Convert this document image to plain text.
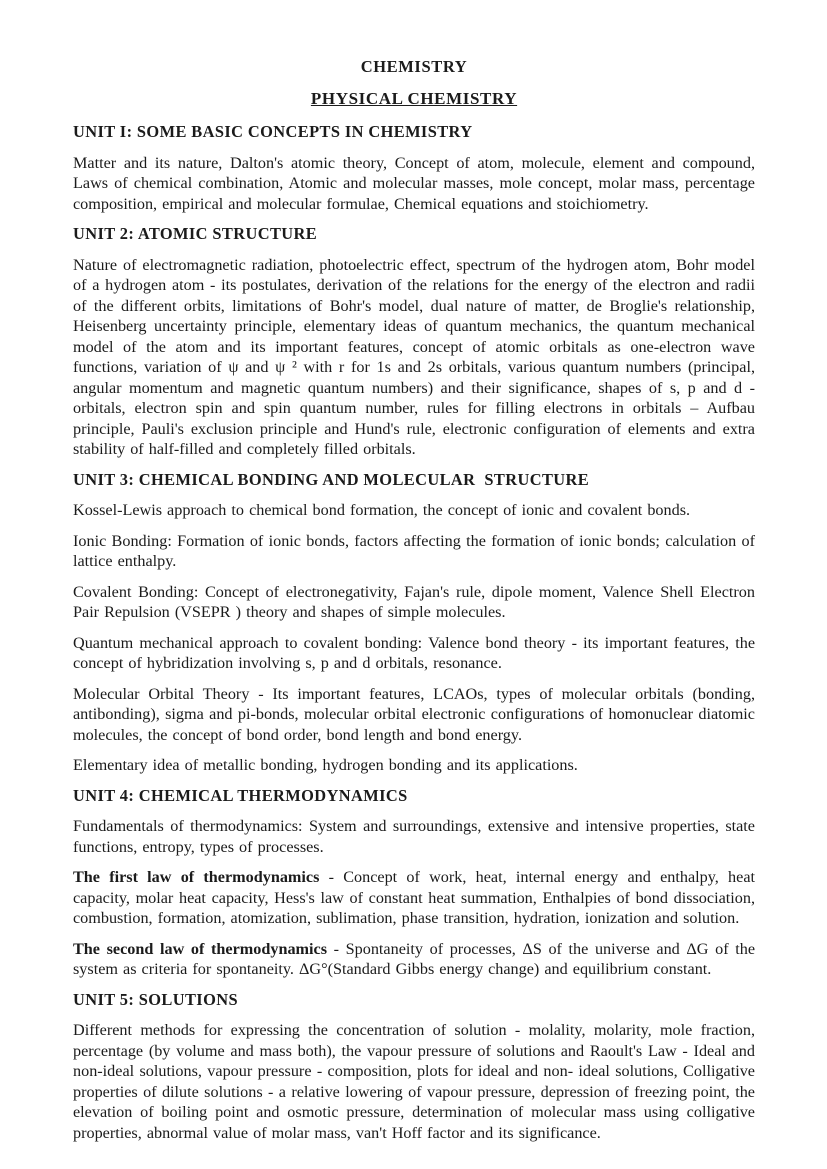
CHEMISTRY

PHYSICAL CHEMISTRY

UNIT I: SOME BASIC CONCEPTS IN CHEMISTRY

Matter and its nature, Dalton's atomic theory, Concept of atom, molecule, element and compound, Laws of chemical combination, Atomic and molecular masses, mole concept, molar mass, percentage composition, empirical and molecular formulae, Chemical equations and stoichiometry.

UNIT 2: ATOMIC STRUCTURE

Nature of electromagnetic radiation, photoelectric effect, spectrum of the hydrogen atom, Bohr model of a hydrogen atom - its postulates, derivation of the relations for the energy of the electron and radii of the different orbits, limitations of Bohr's model, dual nature of matter, de Broglie's relationship, Heisenberg uncertainty principle, elementary ideas of quantum mechanics, the quantum mechanical model of the atom and its important features, concept of atomic orbitals as one-electron wave functions, variation of ψ and ψ ² with r for 1s and 2s orbitals, various quantum numbers (principal, angular momentum and magnetic quantum numbers) and their significance, shapes of s, p and d - orbitals, electron spin and spin quantum number, rules for filling electrons in orbitals – Aufbau principle, Pauli's exclusion principle and Hund's rule, electronic configuration of elements and extra stability of half-filled and completely filled orbitals.

UNIT 3: CHEMICAL BONDING AND MOLECULAR  STRUCTURE

Kossel-Lewis approach to chemical bond formation, the concept of ionic and covalent bonds.

Ionic Bonding: Formation of ionic bonds, factors affecting the formation of ionic bonds; calculation of lattice enthalpy.

Covalent Bonding: Concept of electronegativity, Fajan's rule, dipole moment, Valence Shell Electron Pair Repulsion (VSEPR ) theory and shapes of simple molecules.

Quantum mechanical approach to covalent bonding: Valence bond theory - its important features, the concept of hybridization involving s, p and d orbitals, resonance.

Molecular Orbital Theory - Its important features, LCAOs, types of molecular orbitals (bonding, antibonding), sigma and pi-bonds, molecular orbital electronic configurations of homonuclear diatomic molecules, the concept of bond order, bond length and bond energy.

Elementary idea of metallic bonding, hydrogen bonding and its applications.

UNIT 4: CHEMICAL THERMODYNAMICS

Fundamentals of thermodynamics: System and surroundings, extensive and intensive properties, state functions, entropy, types of processes.

The first law of thermodynamics - Concept of work, heat, internal energy and enthalpy, heat capacity, molar heat capacity, Hess's law of constant heat summation, Enthalpies of bond dissociation, combustion, formation, atomization, sublimation, phase transition, hydration, ionization and solution.

The second law of thermodynamics - Spontaneity of processes, ΔS of the universe and ΔG of the system as criteria for spontaneity. ΔG°(Standard Gibbs energy change) and equilibrium constant.

UNIT 5: SOLUTIONS

Different methods for expressing the concentration of solution - molality, molarity, mole fraction, percentage (by volume and mass both), the vapour pressure of solutions and Raoult's Law - Ideal and non-ideal solutions, vapour pressure - composition, plots for ideal and non- ideal solutions, Colligative properties of dilute solutions - a relative lowering of vapour pressure, depression of freezing point, the elevation of boiling point and osmotic pressure, determination of molecular mass using colligative properties, abnormal value of molar mass, van't Hoff factor and its significance.
